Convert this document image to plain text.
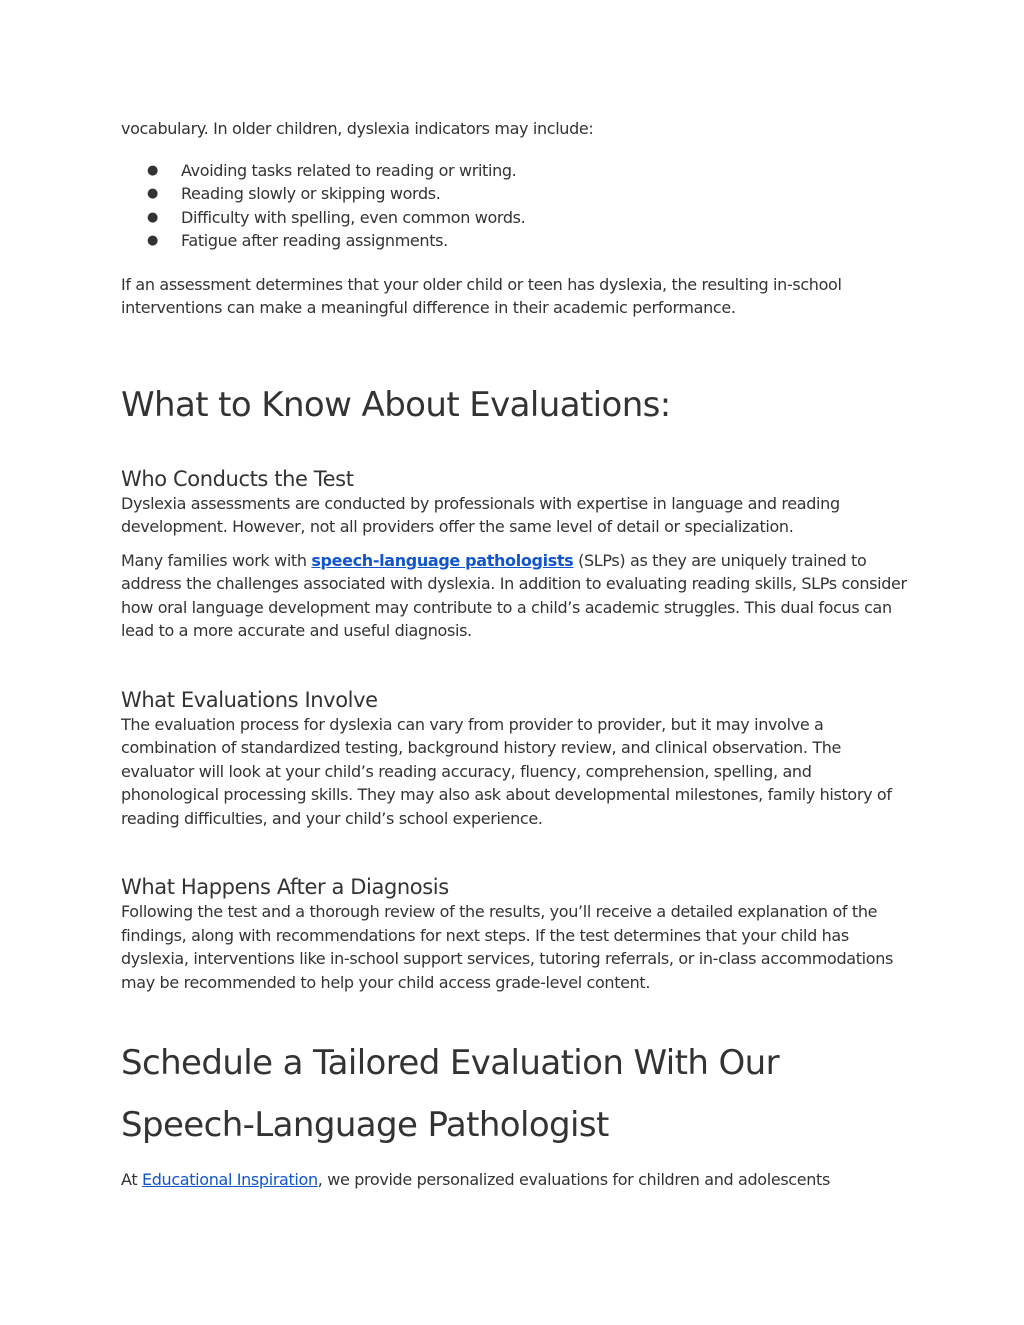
vocabulary. In older children, dyslexia indicators may include:

● Avoiding tasks related to reading or writing.
● Reading slowly or skipping words.
● Difficulty with spelling, even common words.
● Fatigue after reading assignments.

If an assessment determines that your older child or teen has dyslexia, the resulting in-school interventions can make a meaningful difference in their academic performance.

What to Know About Evaluations:
Who Conducts the Test

Dyslexia assessments are conducted by professionals with expertise in language and reading development. However, not all providers offer the same level of detail or specialization.

Many families work with speech-language pathologists (SLPs) as they are uniquely trained to address the challenges associated with dyslexia. In addition to evaluating reading skills, SLPs consider how oral language development may contribute to a child’s academic struggles. This dual focus can lead to a more accurate and useful diagnosis.

What Evaluations Involve

The evaluation process for dyslexia can vary from provider to provider, but it may involve a combination of standardized testing, background history review, and clinical observation. The evaluator will look at your child’s reading accuracy, fluency, comprehension, spelling, and phonological processing skills. They may also ask about developmental milestones, family history of reading difficulties, and your child’s school experience.

What Happens After a Diagnosis

Following the test and a thorough review of the results, you’ll receive a detailed explanation of the findings, along with recommendations for next steps. If the test determines that your child has dyslexia, interventions like in-school support services, tutoring referrals, or in-class accommodations may be recommended to help your child access grade-level content.

Schedule a Tailored Evaluation With Our
Speech-Language Pathologist

At Educational Inspiration, we provide personalized evaluations for children and adolescents
